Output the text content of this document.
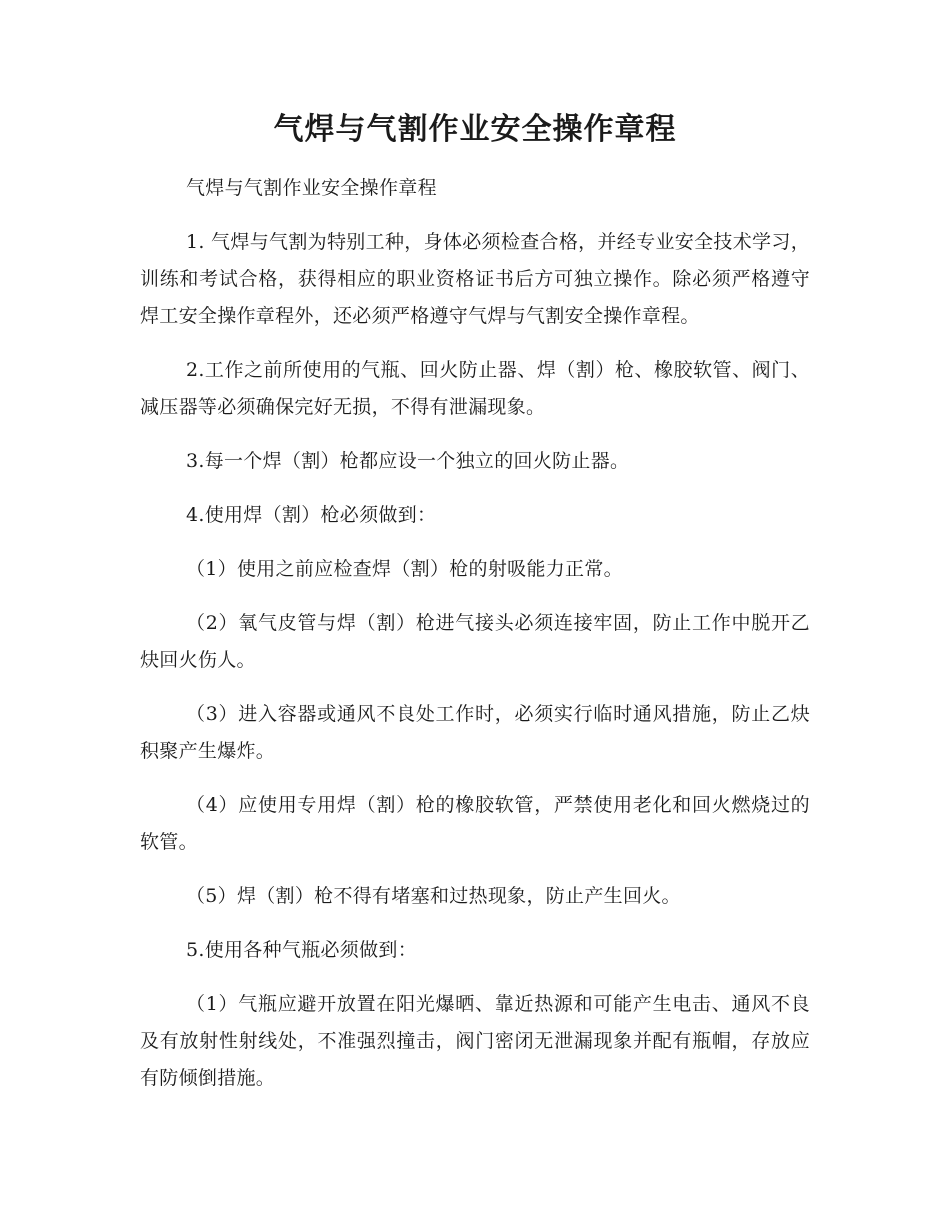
气焊与气割作业安全操作章程

气焊与气割作业安全操作章程

1. 气焊与气割为特别工种，身体必须检查合格，并经专业安全技术学习，训练和考试合格，获得相应的职业资格证书后方可独立操作。除必须严格遵守焊工安全操作章程外，还必须严格遵守气焊与气割安全操作章程。

2.工作之前所使用的气瓶、回火防止器、焊（割）枪、橡胶软管、阀门、减压器等必须确保完好无损，不得有泄漏现象。

3.每一个焊（割）枪都应设一个独立的回火防止器。

4.使用焊（割）枪必须做到：

（1）使用之前应检查焊（割）枪的射吸能力正常。

（2）氧气皮管与焊（割）枪进气接头必须连接牢固，防止工作中脱开乙炔回火伤人。

（3）进入容器或通风不良处工作时，必须实行临时通风措施，防止乙炔积聚产生爆炸。

（4）应使用专用焊（割）枪的橡胶软管，严禁使用老化和回火燃烧过的软管。

（5）焊（割）枪不得有堵塞和过热现象，防止产生回火。

5.使用各种气瓶必须做到：

（1）气瓶应避开放置在阳光爆晒、靠近热源和可能产生电击、通风不良及有放射性射线处，不准强烈撞击，阀门密闭无泄漏现象并配有瓶帽，存放应有防倾倒措施。
